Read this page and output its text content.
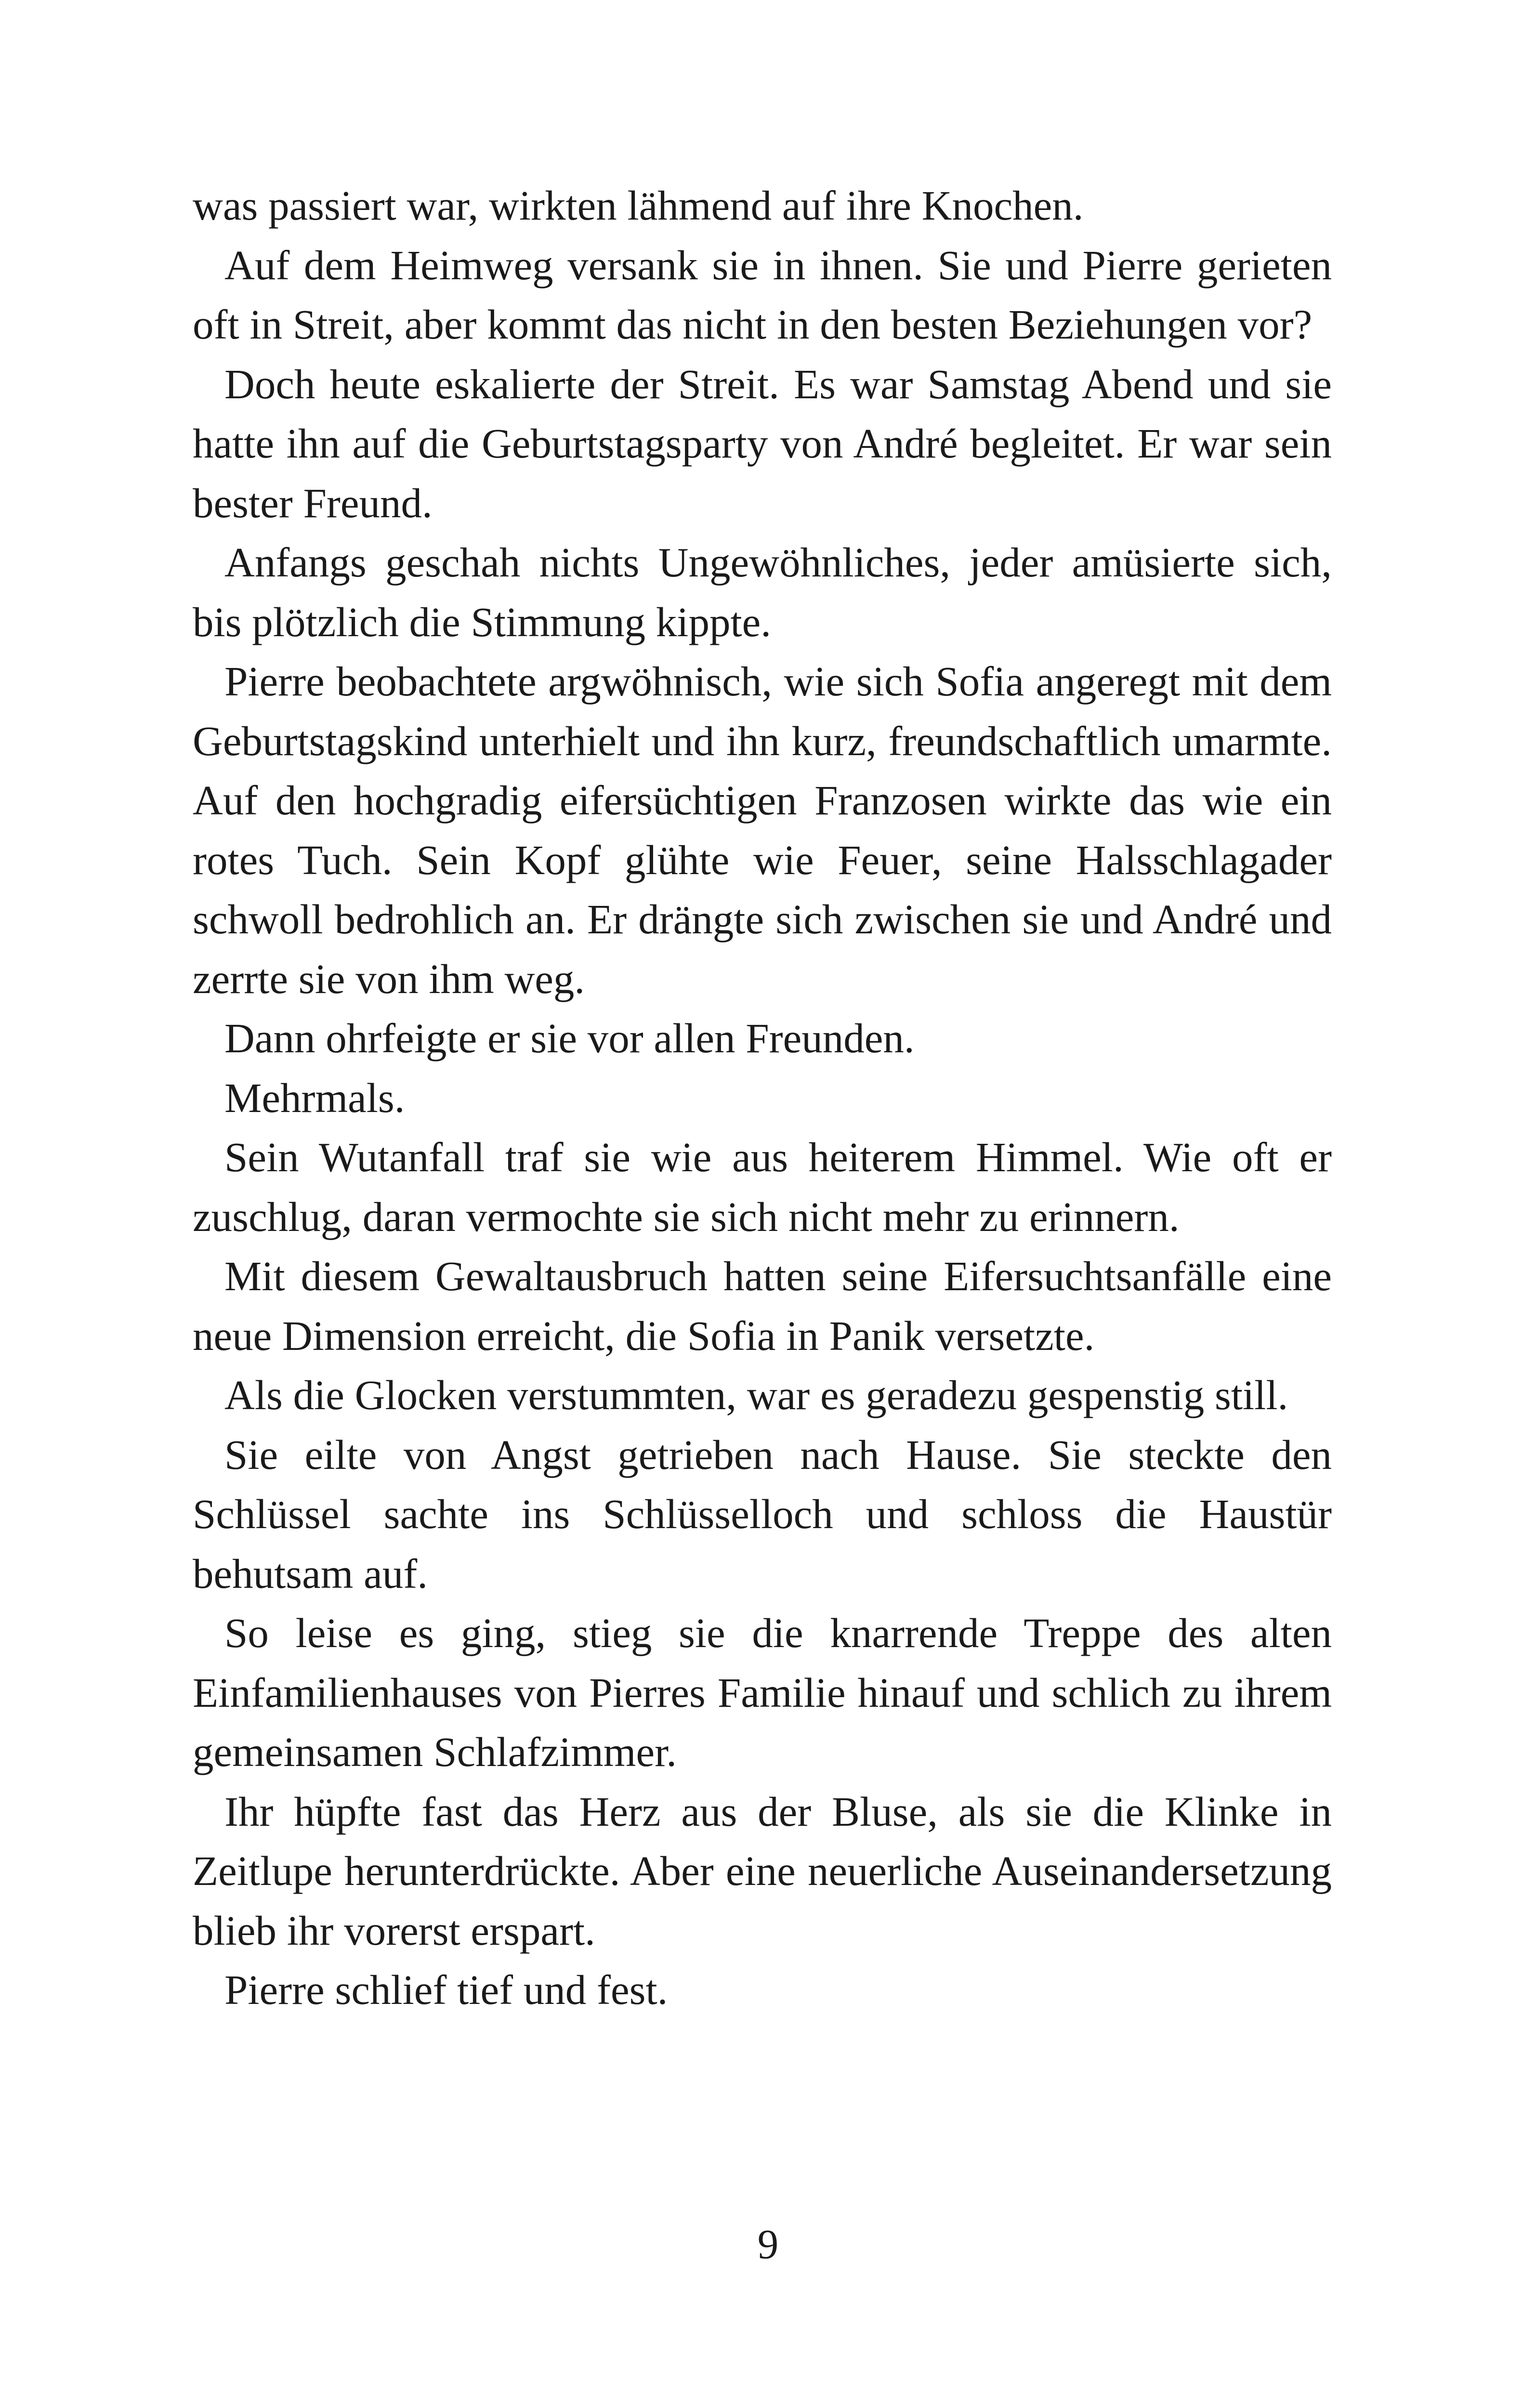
was passiert war, wirkten lähmend auf ihre Knochen.

Auf dem Heimweg versank sie in ihnen. Sie und Pierre gerieten oft in Streit, aber kommt das nicht in den besten Beziehungen vor?

Doch heute eskalierte der Streit. Es war Samstag Abend und sie hatte ihn auf die Geburtstagsparty von André begleitet. Er war sein bester Freund.

Anfangs geschah nichts Ungewöhnliches, jeder amüsierte sich, bis plötzlich die Stimmung kippte.

Pierre beobachtete argwöhnisch, wie sich Sofia angeregt mit dem Geburtstagskind unterhielt und ihn kurz, freundschaftlich umarmte. Auf den hochgradig eifersüchtigen Franzosen wirkte das wie ein rotes Tuch. Sein Kopf glühte wie Feuer, seine Halsschlagader schwoll bedrohlich an. Er drängte sich zwischen sie und André und zerrte sie von ihm weg.

Dann ohrfeigte er sie vor allen Freunden.

Mehrmals.

Sein Wutanfall traf sie wie aus heiterem Himmel. Wie oft er zuschlug, daran vermochte sie sich nicht mehr zu erinnern.

Mit diesem Gewaltausbruch hatten seine Eifersuchtsanfälle eine neue Dimension erreicht, die Sofia in Panik versetzte.

Als die Glocken verstummten, war es geradezu gespenstig still.

Sie eilte von Angst getrieben nach Hause. Sie steckte den Schlüssel sachte ins Schlüsselloch und schloss die Haustür behutsam auf.

So leise es ging, stieg sie die knarrende Treppe des alten Einfamilienhauses von Pierres Familie hinauf und schlich zu ihrem gemeinsamen Schlafzimmer.

Ihr hüpfte fast das Herz aus der Bluse, als sie die Klinke in Zeitlupe herunterdrückte. Aber eine neuerliche Auseinandersetzung blieb ihr vorerst erspart.

Pierre schlief tief und fest.

9
